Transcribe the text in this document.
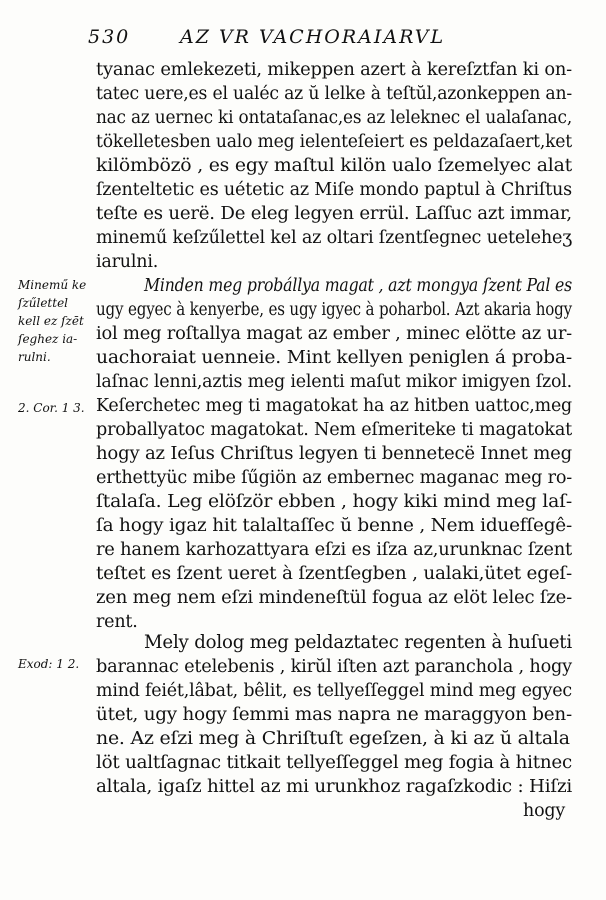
530	AZ VR VACHORAIARVL
Minemű ke
ſzűlettel
kell ez ſzēt
ſeghez ia-
rulni.
2. Cor. 1 3.
Exod: 1 2.
tyanac emlekezeti, mikeppen azert à kereſztfan ki on-
tatec uere,es el ualéc az ŭ lelke à teſtŭl,azonkeppen an-
nac az uernec ki ontataſanac,es az leleknec el ualaſanac,
tökelletesben ualo meg ielenteſeiert es peldazaſaert,ket
kilömbözö , es egy maſtul kilön ualo ſzemelyec alat
ſzenteltetic es uétetic az Miſe mondo paptul à Chriſtus
teſte es uerë. De eleg legyen errül. Laſſuc azt immar,
minemű keſzűlettel kel az oltari ſzentſegnec ueteleheʒ
iarulni.
Minden meg probállya magat , azt mongya ſzent Pal es
ugy egyec à kenyerbe, es ugy igyec à poharbol. Azt akaria hogy
iol meg roſtallya magat az ember , minec elötte az ur-
uachoraiat uenneie. Mint kellyen peniglen á proba-
laſnac lenni,aztis meg ielenti maſut mikor imigyen ſzol.
Keſerchetec meg ti magatokat ha az hitben uattoc,meg
proballyatoc magatokat. Nem eſmeriteke ti magatokat
hogy az Ieſus Chriſtus legyen ti bennetecë Innet meg
erthettyüc mibe ſűgiön az embernec maganac meg ro-
ſtalaſa. Leg elöſzör ebben , hogy kiki mind meg laſ-
ſa hogy igaz hit talaltaſſec ŭ benne , Nem iduefſegê-
re hanem karhozattyara eſzi es iſza az,urunknac ſzent
teſtet es ſzent ueret à ſzentſegben , ualaki,ütet egeſ-
zen meg nem eſzi mindeneſtül fogua az elöt lelec ſze-
rent.
Mely dolog meg peldaztatec regenten à huſueti
barannac etelebenis , kirŭl iſten azt paranchola , hogy
mind feiét,lâbat, bêlit, es tellyeſſeggel mind meg egyec
ütet, ugy hogy ſemmi mas napra ne maraggyon ben-
ne. Az eſzi meg à Chriſtuſt egeſzen, à ki az ŭ altala
löt ualtſagnac titkait tellyeſſeggel meg fogia à hitnec
altala, igaſz hittel az mi urunkhoz ragaſzkodic : Hiſzi
hogy
